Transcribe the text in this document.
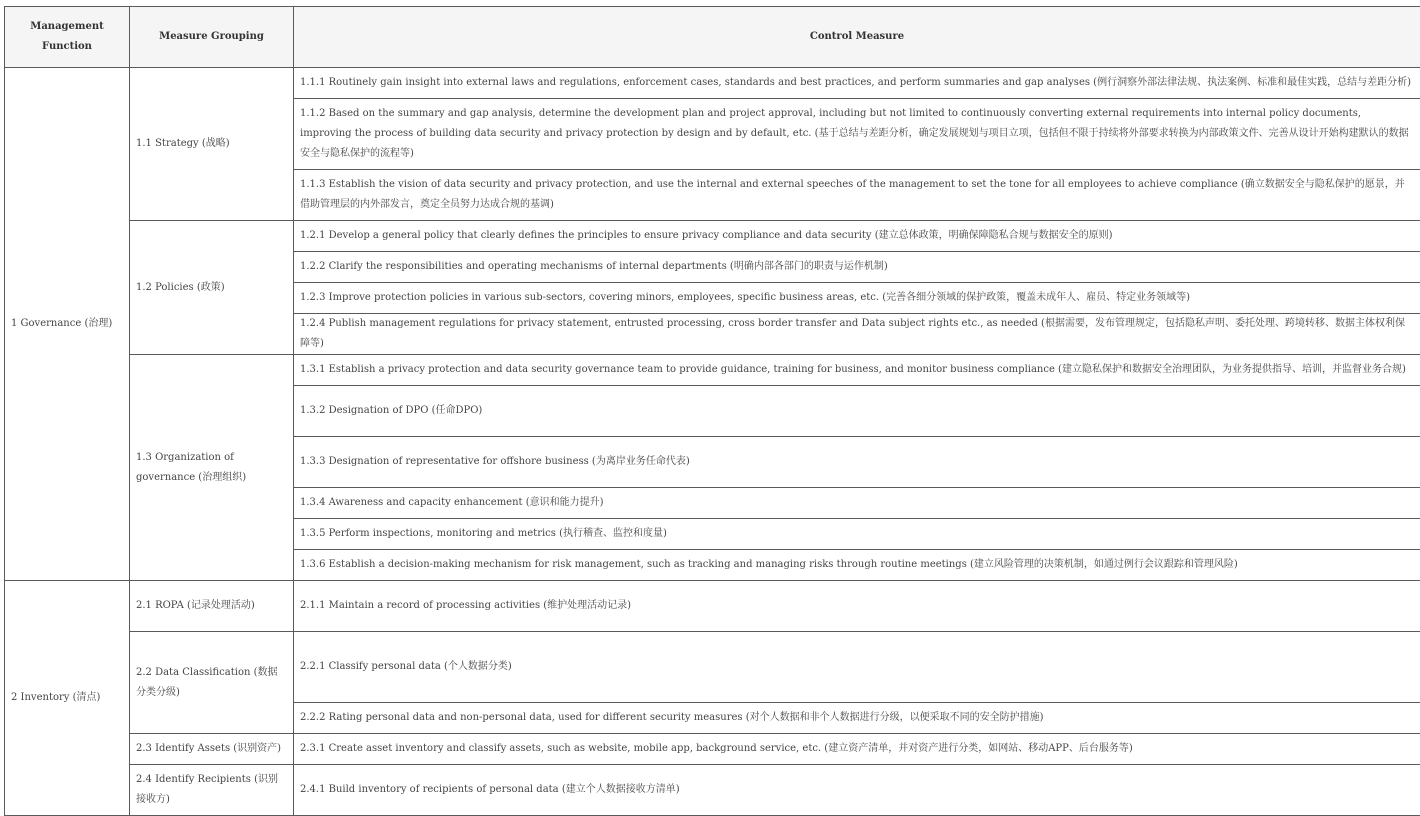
Management Function	Measure Grouping	Control Measure
1 Governance (治理)	1.1 Strategy (战略)	1.1.1 Routinely gain insight into external laws and regulations, enforcement cases, standards and best practices, and perform summaries and gap analyses (例行洞察外部法律法规、执法案例、标准和最佳实践，总结与差距分析)
		1.1.2 Based on the summary and gap analysis, determine the development plan and project approval, including but not limited to continuously converting external requirements into internal policy documents, improving the process of building data security and privacy protection by design and by default, etc. (基于总结与差距分析，确定发展规划与项目立项，包括但不限于持续将外部要求转换为内部政策文件、完善从设计开始构建默认的数据安全与隐私保护的流程等)
		1.1.3 Establish the vision of data security and privacy protection, and use the internal and external speeches of the management to set the tone for all employees to achieve compliance (确立数据安全与隐私保护的愿景，并借助管理层的内外部发言，奠定全员努力达成合规的基调)
	1.2 Policies (政策)	1.2.1 Develop a general policy that clearly defines the principles to ensure privacy compliance and data security (建立总体政策，明确保障隐私合规与数据安全的原则)
		1.2.2 Clarify the responsibilities and operating mechanisms of internal departments (明确内部各部门的职责与运作机制)
		1.2.3 Improve protection policies in various sub-sectors, covering minors, employees, specific business areas, etc. (完善各细分领域的保护政策，覆盖未成年人、雇员、特定业务领域等)
		1.2.4 Publish management regulations for privacy statement, entrusted processing, cross border transfer and Data subject rights etc., as needed (根据需要，发布管理规定，包括隐私声明、委托处理、跨境转移、数据主体权利保障等)
	1.3 Organization of governance (治理组织)	1.3.1 Establish a privacy protection and data security governance team to provide guidance, training for business, and monitor business compliance (建立隐私保护和数据安全治理团队，为业务提供指导、培训，并监督业务合规)
		1.3.2 Designation of DPO (任命DPO)
		1.3.3 Designation of representative for offshore business (为离岸业务任命代表)
		1.3.4 Awareness and capacity enhancement (意识和能力提升)
		1.3.5 Perform inspections, monitoring and metrics (执行稽查、监控和度量)
		1.3.6 Establish a decision-making mechanism for risk management, such as tracking and managing risks through routine meetings (建立风险管理的决策机制，如通过例行会议跟踪和管理风险)
2 Inventory (清点)	2.1 ROPA (记录处理活动)	2.1.1 Maintain a record of processing activities (维护处理活动记录)
	2.2 Data Classification (数据分类分级)	2.2.1 Classify personal data (个人数据分类)
		2.2.2 Rating personal data and non-personal data, used for different security measures (对个人数据和非个人数据进行分级，以便采取不同的安全防护措施)
	2.3 Identify Assets (识别资产)	2.3.1 Create asset inventory and classify assets, such as website, mobile app, background service, etc. (建立资产清单，并对资产进行分类，如网站、移动APP、后台服务等)
	2.4 Identify Recipients (识别接收方)	2.4.1 Build inventory of recipients of personal data (建立个人数据接收方清单)
